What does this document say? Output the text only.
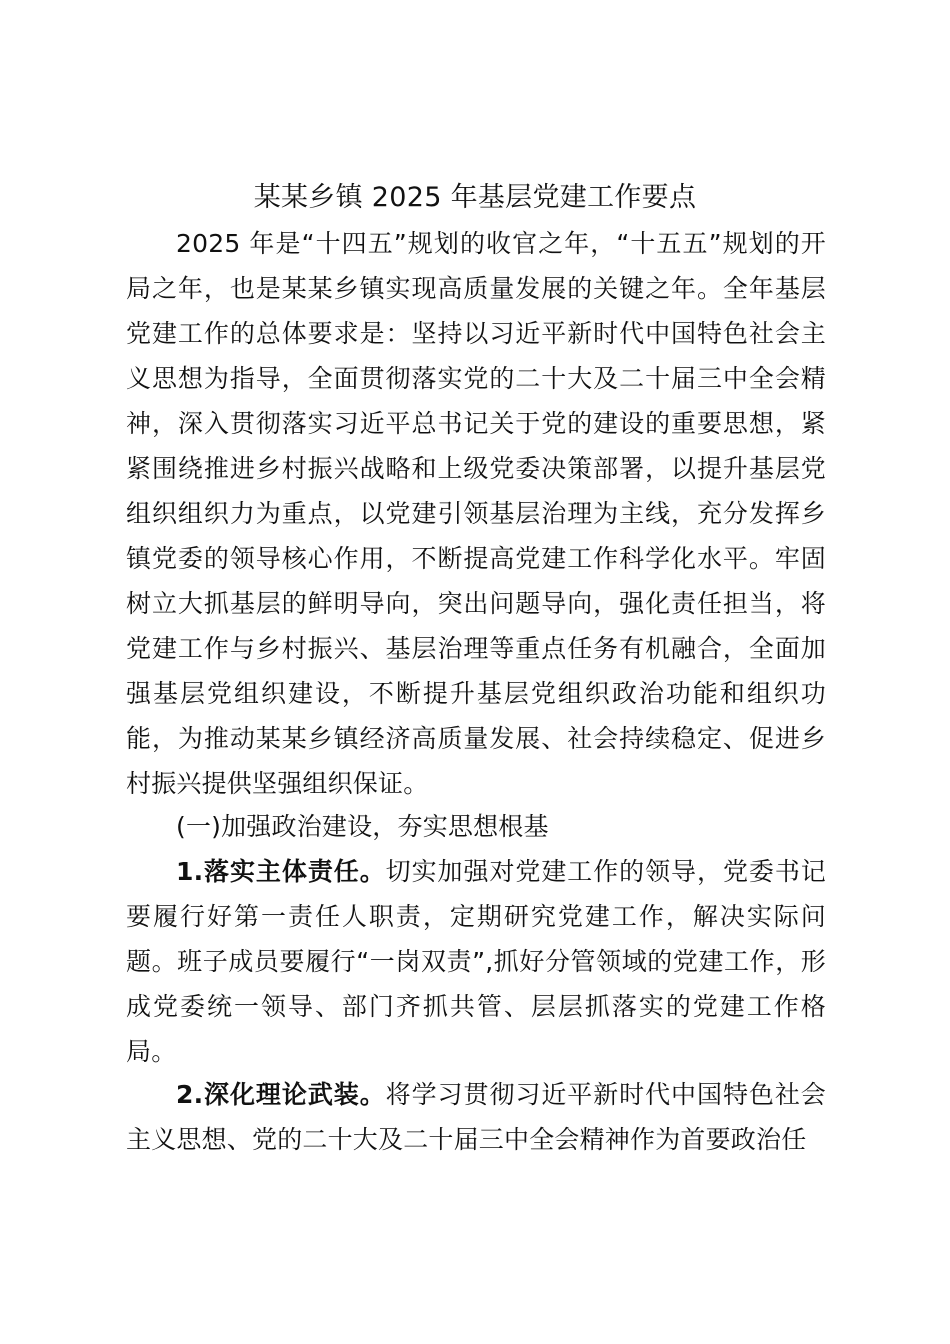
某某乡镇 2025 年基层党建工作要点
2025 年是“十四五”规划的收官之年，“十五五”规划的开局之年，也是某某乡镇实现高质量发展的关键之年。全年基层党建工作的总体要求是：坚持以习近平新时代中国特色社会主义思想为指导，全面贯彻落实党的二十大及二十届三中全会精神，深入贯彻落实习近平总书记关于党的建设的重要思想，紧紧围绕推进乡村振兴战略和上级党委决策部署，以提升基层党组织组织力为重点，以党建引领基层治理为主线，充分发挥乡镇党委的领导核心作用，不断提高党建工作科学化水平。牢固树立大抓基层的鲜明导向，突出问题导向，强化责任担当，将党建工作与乡村振兴、基层治理等重点任务有机融合，全面加强基层党组织建设，不断提升基层党组织政治功能和组织功能，为推动某某乡镇经济高质量发展、社会持续稳定、促进乡村振兴提供坚强组织保证。
(一)加强政治建设，夯实思想根基
1.落实主体责任。切实加强对党建工作的领导，党委书记要履行好第一责任人职责，定期研究党建工作，解决实际问题。班子成员要履行“一岗双责”,抓好分管领域的党建工作，形成党委统一领导、部门齐抓共管、层层抓落实的党建工作格局。
2.深化理论武装。将学习贯彻习近平新时代中国特色社会主义思想、党的二十大及二十届三中全会精神作为首要政治任
